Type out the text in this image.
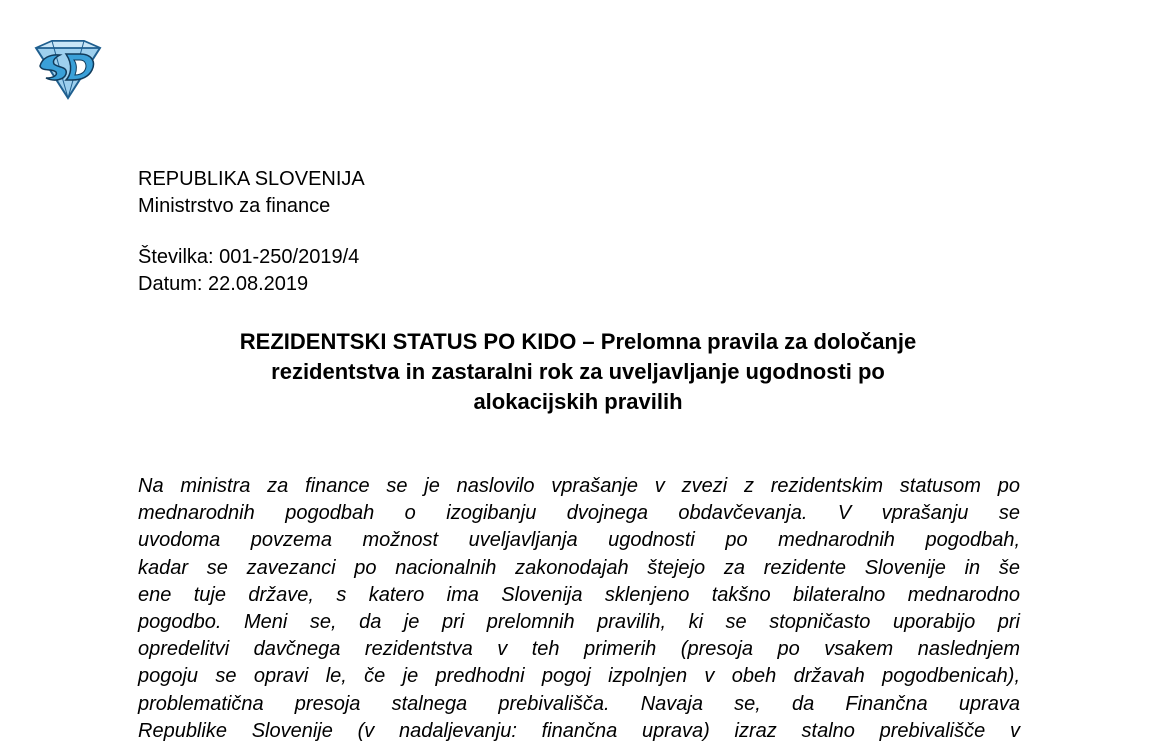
REPUBLIKA SLOVENIJA
Ministrstvo za finance
Številka: 001-250/2019/4
Datum: 22.08.2019
REZIDENTSKI STATUS PO KIDO – Prelomna pravila za določanje
rezidentstva in zastaralni rok za uveljavljanje ugodnosti po
alokacijskih pravilih
Na ministra za finance se je naslovilo vprašanje v zvezi z rezidentskim statusom po
mednarodnih pogodbah o izogibanju dvojnega obdavčevanja. V vprašanju se
uvodoma povzema možnost uveljavljanja ugodnosti po mednarodnih pogodbah,
kadar se zavezanci po nacionalnih zakonodajah štejejo za rezidente Slovenije in še
ene tuje države, s katero ima Slovenija sklenjeno takšno bilateralno mednarodno
pogodbo. Meni se, da je pri prelomnih pravilih, ki se stopničasto uporabijo pri
opredelitvi davčnega rezidentstva v teh primerih (presoja po vsakem naslednjem
pogoju se opravi le, če je predhodni pogoj izpolnjen v obeh državah pogodbenicah),
problematična presoja stalnega prebivališča. Navaja se, da Finančna uprava
Republike Slovenije (v nadaljevanju: finančna uprava) izraz stalno prebivališče v
